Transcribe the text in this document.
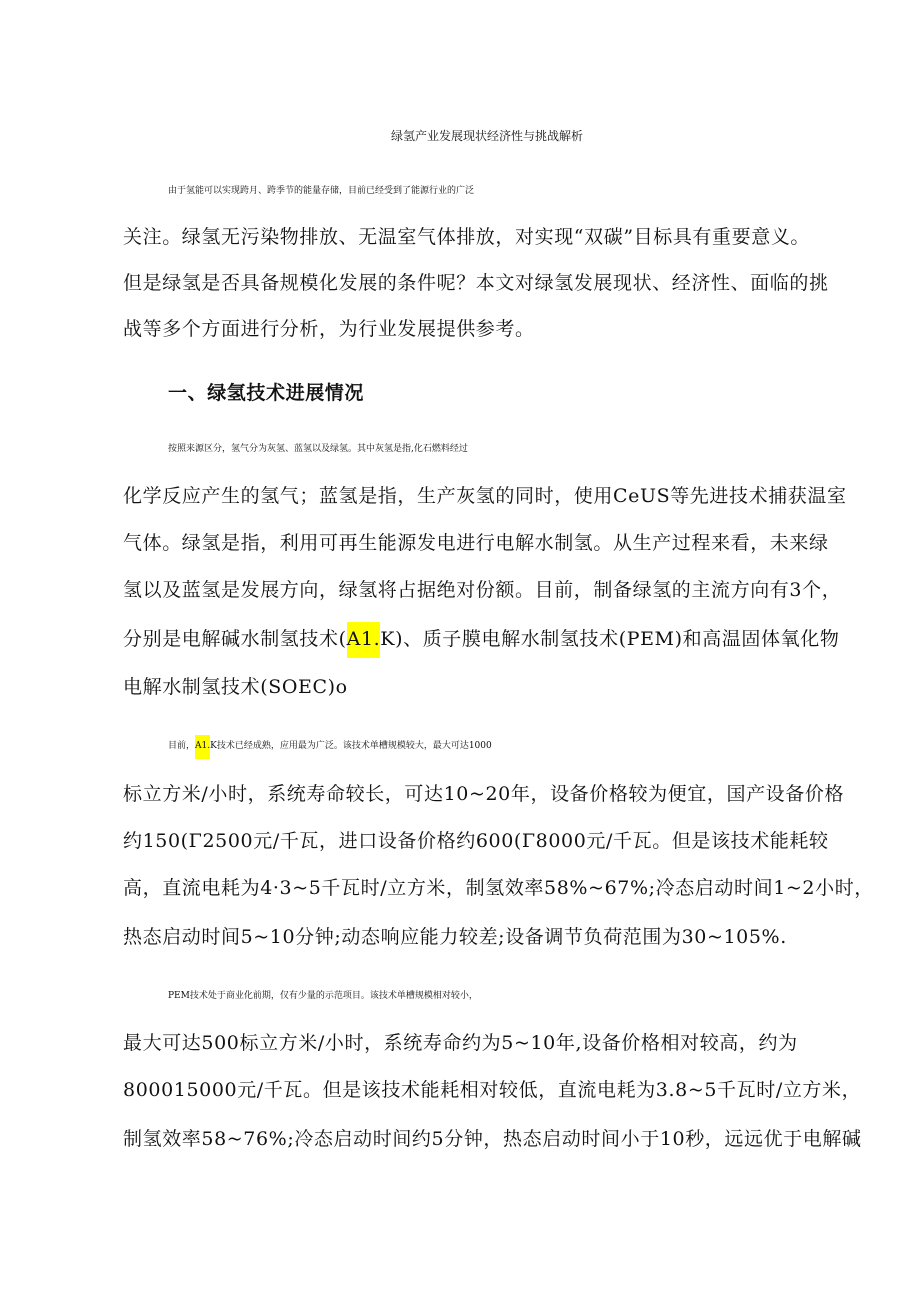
绿氢产业发展现状经济性与挑战解析
由于氢能可以实现跨月、跨季节的能量存储，目前已经受到了能源行业的广泛
关注。绿氢无污染物排放、无温室气体排放，对实现“双碳”目标具有重要意义。
但是绿氢是否具备规模化发展的条件呢？本文对绿氢发展现状、经济性、面临的挑
战等多个方面进行分析，为行业发展提供参考。
一、绿氢技术进展情况
按照来源区分，氢气分为灰氢、蓝氢以及绿氢。其中灰氢是指,化石燃料经过
化学反应产生的氢气；蓝氢是指，生产灰氢的同时，使用CeUS等先进技术捕获温室
气体。绿氢是指，利用可再生能源发电进行电解水制氢。从生产过程来看，未来绿
氢以及蓝氢是发展方向，绿氢将占据绝对份额。目前，制备绿氢的主流方向有3个，
分别是电解碱水制氢技术(A1.K)、质子膜电解水制氢技术(PEM)和高温固体氧化物
电解水制氢技术(SOEC)o
目前，A1.K技术已经成熟，应用最为广泛。该技术单槽规模较大，最大可达1000
标立方米/小时，系统寿命较长，可达10~20年，设备价格较为便宜，国产设备价格
约150(Γ2500元/千瓦，进口设备价格约600(Γ8000元/千瓦。但是该技术能耗较
高，直流电耗为4·3~5千瓦时/立方米，制氢效率58%~67%;冷态启动时间1~2小时，
热态启动时间5~10分钟;动态响应能力较差;设备调节负荷范围为30~105%.
PEM技术处于商业化前期，仅有少量的示范项目。该技术单槽规模相对较小，
最大可达500标立方米/小时，系统寿命约为5~10年,设备价格相对较高，约为
800015000元/千瓦。但是该技术能耗相对较低，直流电耗为3.8~5千瓦时/立方米，
制氢效率58~76%;冷态启动时间约5分钟，热态启动时间小于10秒，远远优于电解碱
